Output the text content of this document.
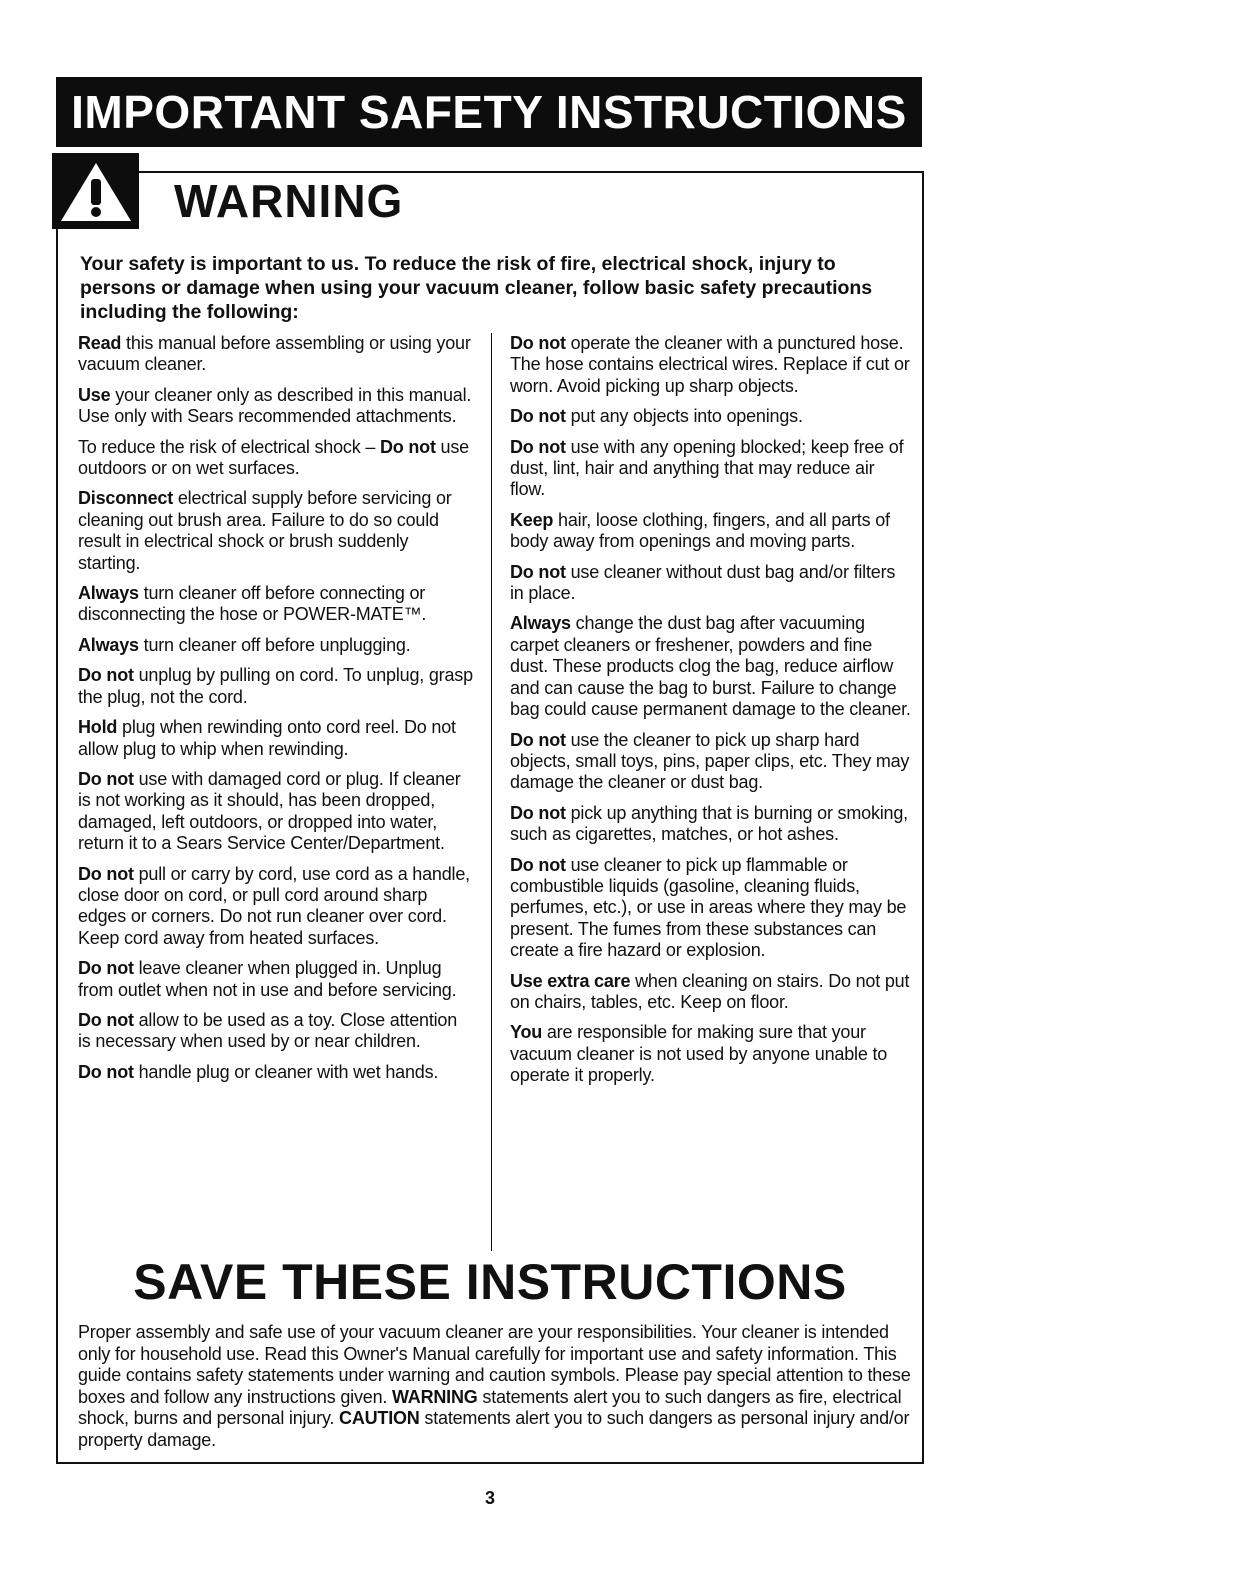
IMPORTANT SAFETY INSTRUCTIONS
WARNING

Your safety is important to us. To reduce the risk of fire, electrical shock, injury to persons or damage when using your vacuum cleaner, follow basic safety precautions including the following:

Read this manual before assembling or using your vacuum cleaner.

Use your cleaner only as described in this manual. Use only with Sears recommended attachments.

To reduce the risk of electrical shock – Do not use outdoors or on wet surfaces.

Disconnect electrical supply before servicing or cleaning out brush area. Failure to do so could result in electrical shock or brush suddenly starting.

Always turn cleaner off before connecting or disconnecting the hose or POWER-MATE™.

Always turn cleaner off before unplugging.

Do not unplug by pulling on cord. To unplug, grasp the plug, not the cord.

Hold plug when rewinding onto cord reel. Do not allow plug to whip when rewinding.

Do not use with damaged cord or plug. If cleaner is not working as it should, has been dropped, damaged, left outdoors, or dropped into water, return it to a Sears Service Center/Department.

Do not pull or carry by cord, use cord as a handle, close door on cord, or pull cord around sharp edges or corners. Do not run cleaner over cord. Keep cord away from heated surfaces.

Do not leave cleaner when plugged in. Unplug from outlet when not in use and before servicing.

Do not allow to be used as a toy. Close attention is necessary when used by or near children.

Do not handle plug or cleaner with wet hands.

Do not operate the cleaner with a punctured hose. The hose contains electrical wires. Replace if cut or worn. Avoid picking up sharp objects.

Do not put any objects into openings.

Do not use with any opening blocked; keep free of dust, lint, hair and anything that may reduce air flow.

Keep hair, loose clothing, fingers, and all parts of body away from openings and moving parts.

Do not use cleaner without dust bag and/or filters in place.

Always change the dust bag after vacuuming carpet cleaners or freshener, powders and fine dust. These products clog the bag, reduce airflow and can cause the bag to burst. Failure to change bag could cause permanent damage to the cleaner.

Do not use the cleaner to pick up sharp hard objects, small toys, pins, paper clips, etc. They may damage the cleaner or dust bag.

Do not pick up anything that is burning or smoking, such as cigarettes, matches, or hot ashes.

Do not use cleaner to pick up flammable or combustible liquids (gasoline, cleaning fluids, perfumes, etc.), or use in areas where they may be present. The fumes from these substances can create a fire hazard or explosion.

Use extra care when cleaning on stairs. Do not put on chairs, tables, etc. Keep on floor.

You are responsible for making sure that your vacuum cleaner is not used by anyone unable to operate it properly.

SAVE THESE INSTRUCTIONS

Proper assembly and safe use of your vacuum cleaner are your responsibilities. Your cleaner is intended only for household use. Read this Owner's Manual carefully for important use and safety information. This guide contains safety statements under warning and caution symbols. Please pay special attention to these boxes and follow any instructions given. WARNING statements alert you to such dangers as fire, electrical shock, burns and personal injury. CAUTION statements alert you to such dangers as personal injury and/or property damage.

3
